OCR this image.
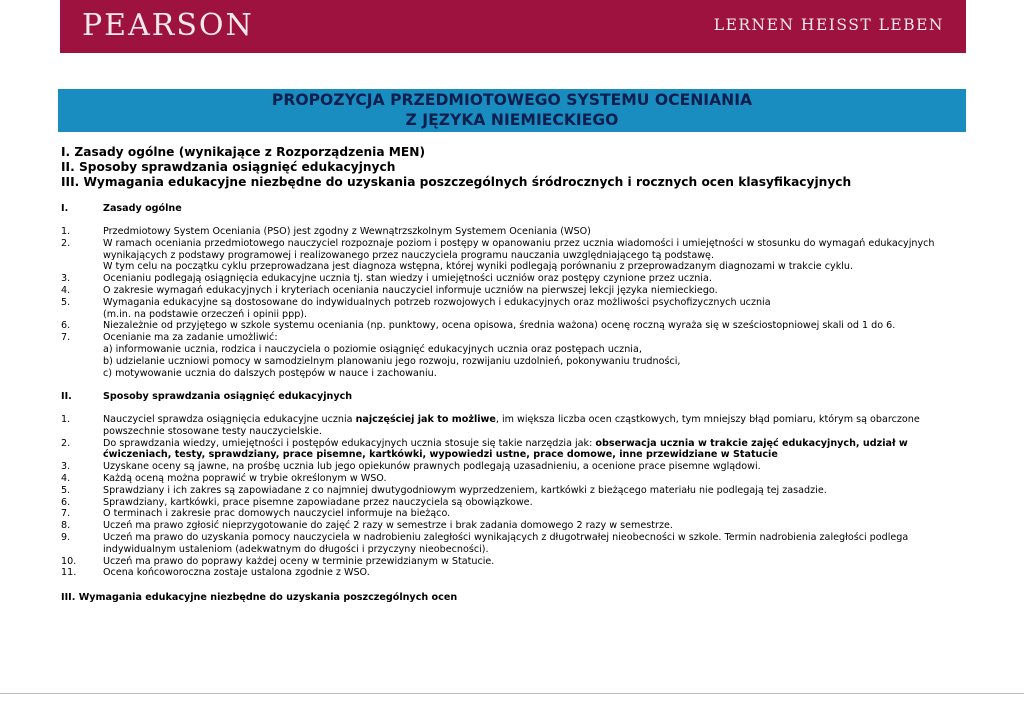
PEARSON	LERNEN HEISST LEBEN
PROPOZYCJA PRZEDMIOTOWEGO SYSTEMU OCENIANIA
Z JĘZYKA NIEMIECKIEGO
I. Zasady ogólne (wynikające z Rozporządzenia MEN)
II. Sposoby sprawdzania osiągnięć edukacyjnych
III. Wymagania edukacyjne niezbędne do uzyskania poszczególnych śródrocznych i rocznych ocen klasyfikacyjnych
I.	Zasady ogólne
1.	Przedmiotowy System Oceniania (PSO) jest zgodny z Wewnątrzszkolnym Systemem Oceniania (WSO)
2.	W ramach oceniania przedmiotowego nauczyciel rozpoznaje poziom i postępy w opanowaniu przez ucznia wiadomości i umiejętności w stosunku do wymagań edukacyjnych wynikających z podstawy programowej i realizowanego przez nauczyciela programu nauczania uwzględniającego tą podstawę.
W tym celu na początku cyklu przeprowadzana jest diagnoza wstępna, której wyniki podlegają porównaniu z przeprowadzanym diagnozami w trakcie cyklu.
3.	Ocenianiu podlegają osiągnięcia edukacyjne ucznia tj. stan wiedzy i umiejętności uczniów oraz postępy czynione przez ucznia.
4.	O zakresie wymagań edukacyjnych i kryteriach oceniania nauczyciel informuje uczniów na pierwszej lekcji języka niemieckiego.
5.	Wymagania edukacyjne są dostosowane do indywidualnych potrzeb rozwojowych i edukacyjnych oraz możliwości psychofizycznych ucznia
(m.in. na podstawie orzeczeń i opinii ppp).
6.	Niezależnie od przyjętego w szkole systemu oceniania (np. punktowy, ocena opisowa, średnia ważona) ocenę roczną wyraża się w sześciostopniowej skali od 1 do 6.
7.	Ocenianie ma za zadanie umożliwić:
a) informowanie ucznia, rodzica i nauczyciela o poziomie osiągnięć edukacyjnych ucznia oraz postępach ucznia,
b) udzielanie uczniowi pomocy w samodzielnym planowaniu jego rozwoju, rozwijaniu uzdolnień, pokonywaniu trudności,
c) motywowanie ucznia do dalszych postępów w nauce i zachowaniu.
II.	Sposoby sprawdzania osiągnięć edukacyjnych
1.	Nauczyciel sprawdza osiągnięcia edukacyjne ucznia najczęściej jak to możliwe, im większa liczba ocen cząstkowych, tym mniejszy błąd pomiaru, którym są obarczone powszechnie stosowane testy nauczycielskie.
2.	Do sprawdzania wiedzy, umiejętności i postępów edukacyjnych ucznia stosuje się takie narzędzia jak: obserwacja ucznia w trakcie zajęć edukacyjnych, udział w ćwiczeniach, testy, sprawdziany, prace pisemne, kartkówki, wypowiedzi ustne, prace domowe, inne przewidziane w Statucie
3.	Uzyskane oceny są jawne, na prośbę ucznia lub jego opiekunów prawnych podlegają uzasadnieniu, a ocenione prace pisemne wglądowi.
4.	Każdą oceną można poprawić w trybie określonym w WSO.
5.	Sprawdziany i ich zakres są zapowiadane z co najmniej dwutygodniowym wyprzedzeniem, kartkówki z bieżącego materiału nie podlegają tej zasadzie.
6.	Sprawdziany, kartkówki, prace pisemne zapowiadane przez nauczyciela są obowiązkowe.
7.	O terminach i zakresie prac domowych nauczyciel informuje na bieżąco.
8.	Uczeń ma prawo zgłosić nieprzygotowanie do zajęć 2 razy w semestrze i brak zadania domowego 2 razy w semestrze.
9.	Uczeń ma prawo do uzyskania pomocy nauczyciela w nadrobieniu zaległości wynikających z długotrwałej nieobecności w szkole. Termin nadrobienia zaległości podlega indywidualnym ustaleniom (adekwatnym do długości i przyczyny nieobecności).
10.	Uczeń ma prawo do poprawy każdej oceny w terminie przewidzianym w Statucie.
11.	Ocena końcoworoczna zostaje ustalona zgodnie z WSO.
III. Wymagania edukacyjne niezbędne do uzyskania poszczególnych ocen
